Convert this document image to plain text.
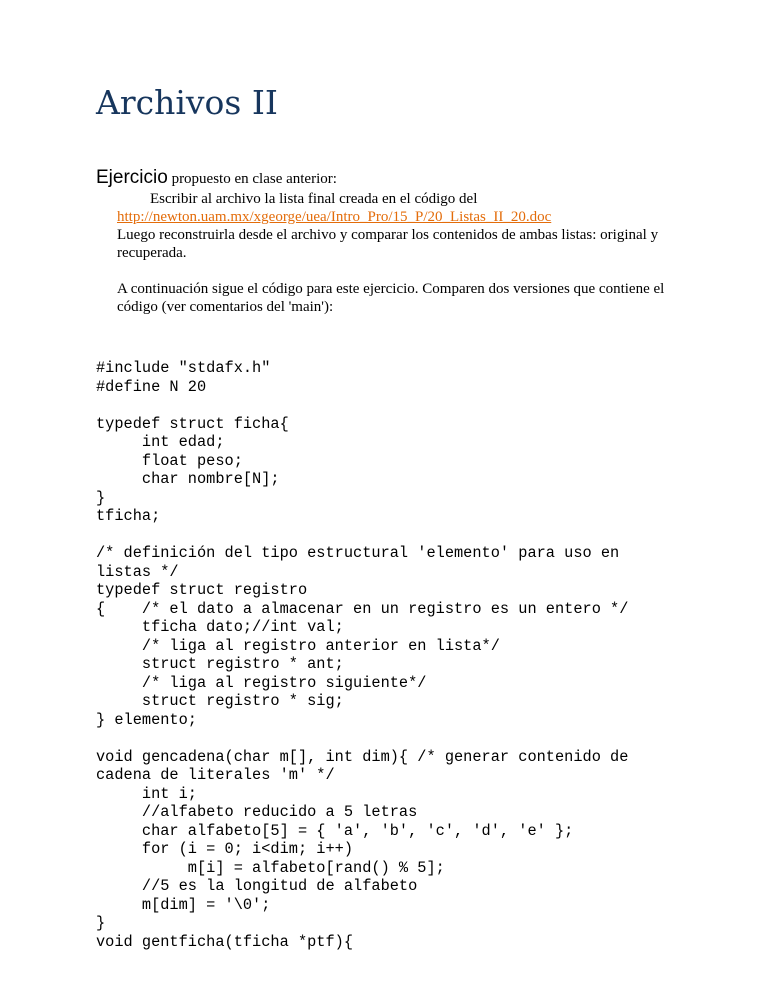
Archivos II
Ejercicio propuesto en clase anterior:
Escribir al archivo la lista final creada en el código del
http://newton.uam.mx/xgeorge/uea/Intro_Pro/15_P/20_Listas_II_20.doc
Luego reconstruirla desde el archivo y comparar los contenidos de ambas listas: original y recuperada.
A continuación sigue el código para este ejercicio. Comparen dos versiones que contiene el código (ver comentarios del 'main'):
#include "stdafx.h"
#define N 20

typedef struct ficha{
int edad;
float peso;
char nombre[N];
}
tficha;

/* definición del tipo estructural 'elemento' para uso en
listas */
typedef struct registro
{    /* el dato a almacenar en un registro es un entero */
tficha dato;//int val;
/* liga al registro anterior en lista*/
struct registro * ant;
/* liga al registro siguiente*/
struct registro * sig;
} elemento;

void gencadena(char m[], int dim){ /* generar contenido de
cadena de literales 'm' */
int i;
//alfabeto reducido a 5 letras
char alfabeto[5] = { 'a', 'b', 'c', 'd', 'e' };
for (i = 0; i<dim; i++)
m[i] = alfabeto[rand() % 5];
//5 es la longitud de alfabeto
m[dim] = '\0';
}
void gentficha(tficha *ptf){
